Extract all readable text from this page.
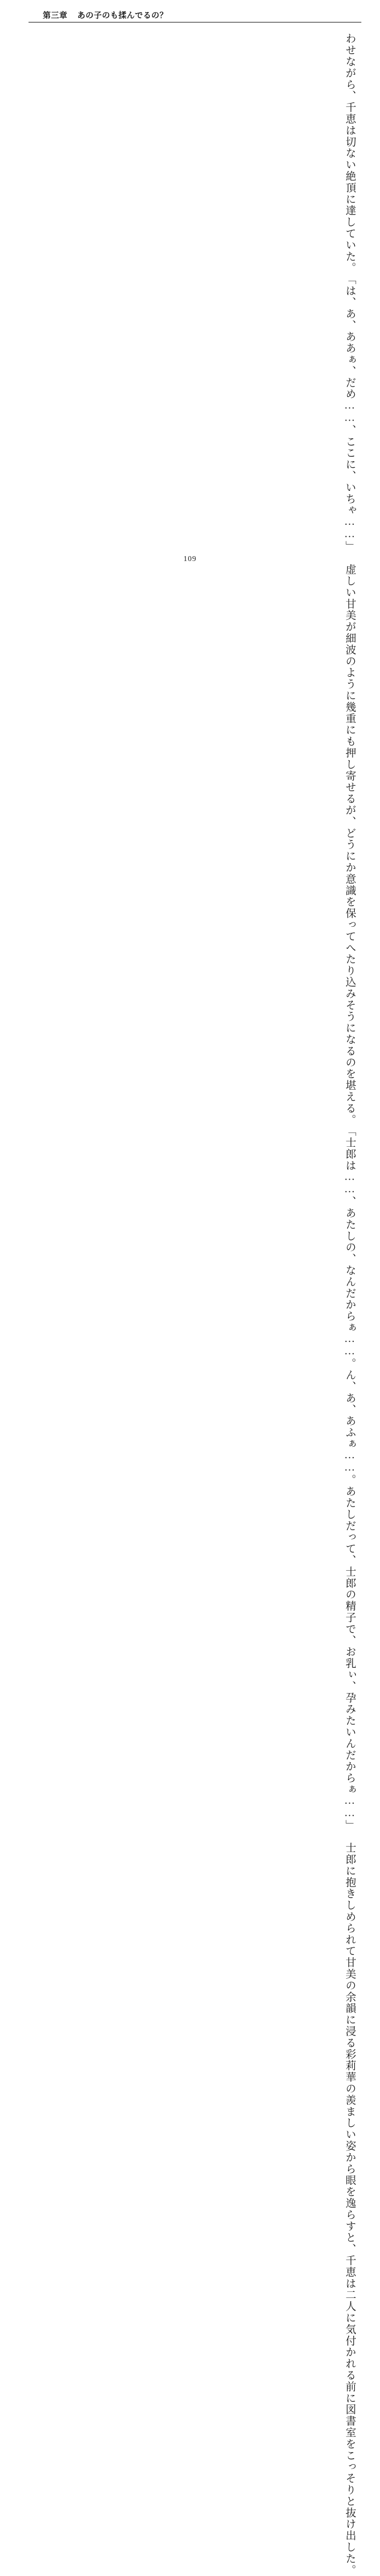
第三章 あの子のも揉んでるの？
わせながら、千恵は切ない絶頂に達していた。
「は、あ、ああぁ、だめ……、ここに、いちゃ……」
　虚しい甘美が細波のように幾重にも押し寄せるが、どうにか意識を保ってへたり込みそ
うになるのを堪える。
「士郎は……、あたしの、なんだからぁ……。ん、あ、あふぁ……。あたしだって、士郎
の精子で、お乳ぃ、孕みたいんだからぁ……」
　士郎に抱きしめられて甘美の余韻に浸る彩莉華の羨ましい姿から眼を逸らすと、千恵は
二人に気付かれる前に図書室をこっそりと抜け出した。
109
